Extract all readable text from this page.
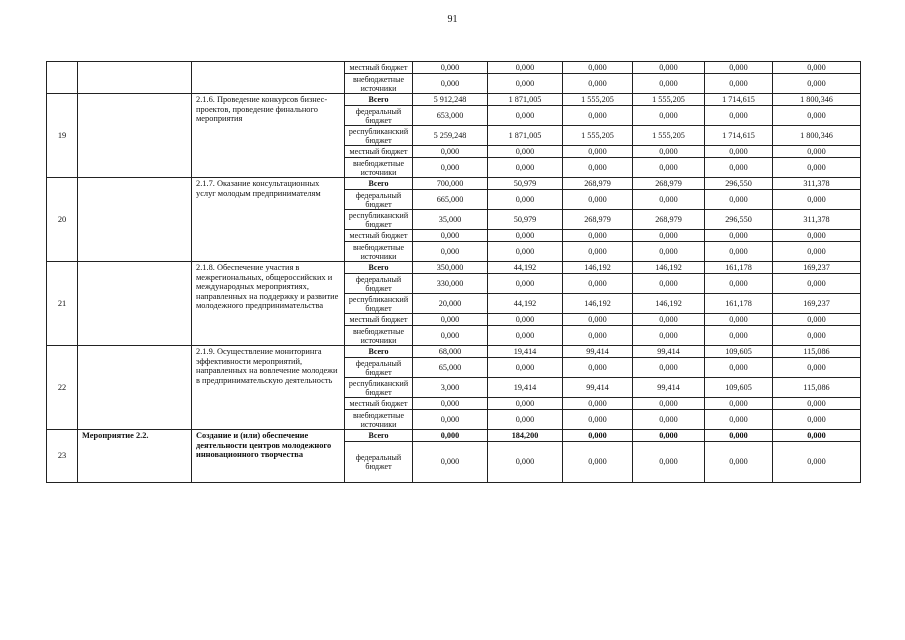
91
			местный бюджет	0,000	0,000	0,000	0,000	0,000	0,000
			внебюджетные источники	0,000	0,000	0,000	0,000	0,000	0,000
19		2.1.6. Проведение конкурсов бизнес-проектов, проведение финального мероприятия	Всего	5 912,248	1 871,005	1 555,205	1 555,205	1 714,615	1 800,346
			федеральный бюджет	653,000	0,000	0,000	0,000	0,000	0,000
			республиканский бюджет	5 259,248	1 871,005	1 555,205	1 555,205	1 714,615	1 800,346
			местный бюджет	0,000	0,000	0,000	0,000	0,000	0,000
			внебюджетные источники	0,000	0,000	0,000	0,000	0,000	0,000
20		2.1.7. Оказание консультационных услуг молодым предпринимателям	Всего	700,000	50,979	268,979	268,979	296,550	311,378
			федеральный бюджет	665,000	0,000	0,000	0,000	0,000	0,000
			республиканский бюджет	35,000	50,979	268,979	268,979	296,550	311,378
			местный бюджет	0,000	0,000	0,000	0,000	0,000	0,000
			внебюджетные источники	0,000	0,000	0,000	0,000	0,000	0,000
21		2.1.8. Обеспечение участия в межрегиональных, общероссийских и международных мероприятиях, направленных на поддержку и развитие молодежного предпринимательства	Всего	350,000	44,192	146,192	146,192	161,178	169,237
			федеральный бюджет	330,000	0,000	0,000	0,000	0,000	0,000
			республиканский бюджет	20,000	44,192	146,192	146,192	161,178	169,237
			местный бюджет	0,000	0,000	0,000	0,000	0,000	0,000
			внебюджетные источники	0,000	0,000	0,000	0,000	0,000	0,000
22		2.1.9. Осуществление мониторинга эффективности мероприятий, направленных на вовлечение молодежи в предпринимательскую деятельность	Всего	68,000	19,414	99,414	99,414	109,605	115,086
			федеральный бюджет	65,000	0,000	0,000	0,000	0,000	0,000
			республиканский бюджет	3,000	19,414	99,414	99,414	109,605	115,086
			местный бюджет	0,000	0,000	0,000	0,000	0,000	0,000
			внебюджетные источники	0,000	0,000	0,000	0,000	0,000	0,000
23	Мероприятие 2.2.	Создание и (или) обеспечение деятельности центров молодежного инновационного творчества	Всего	0,000	184,200	0,000	0,000	0,000	0,000
			федеральный бюджет	0,000	0,000	0,000	0,000	0,000	0,000
